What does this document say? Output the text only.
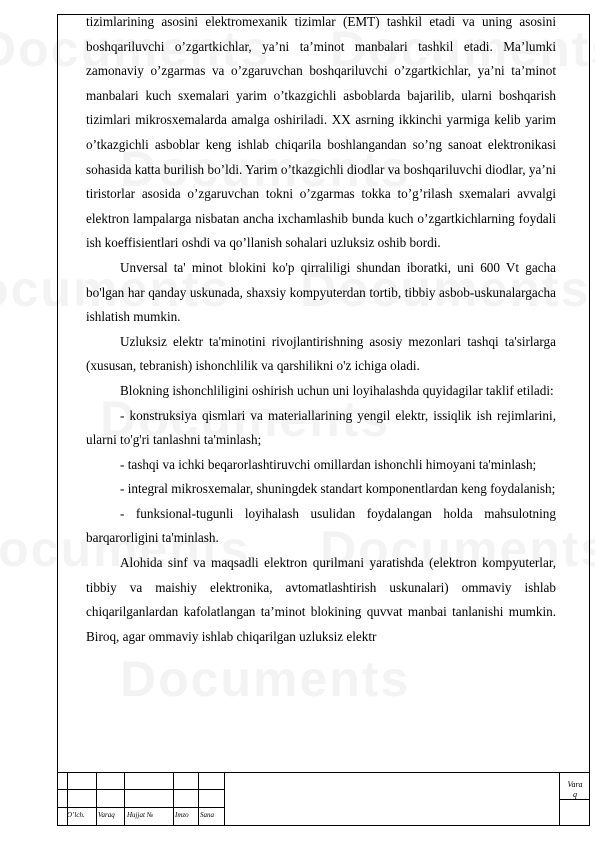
tizimlarining asosini elektromexanik tizimlar (EMT) tashkil etadi va uning asosini boshqariluvchi o’zgartkichlar, ya’ni ta’minot manbalari tashkil etadi. Ma’lumki zamonaviy o’zgarmas va o’zgaruvchan boshqariluvchi o’zgartkichlar, ya’ni ta’minot manbalari kuch sxemalari yarim o’tkazgichli asboblarda bajarilib, ularni boshqarish tizimlari mikrosxemalarda amalga oshiriladi. XX asrning ikkinchi yarmiga kelib yarim o’tkazgichli asboblar keng ishlab chiqarila boshlangandan so’ng sanoat elektronikasi sohasida katta burilish bo’ldi. Yarim o’tkazgichli diodlar va boshqariluvchi diodlar, ya’ni tiristorlar asosida o’zgaruvchan tokni o’zgarmas tokka to’g’rilash sxemalari avvalgi elektron lampalarga nisbatan ancha ixchamlashib bunda kuch o’zgartkichlarning foydali ish koeffisientlari oshdi va qo’llanish sohalari uzluksiz oshib bordi.

Unversal ta' minot blokini ko'p qirraliligi shundan iboratki, uni 600 Vt gacha bo'lgan har qanday uskunada, shaxsiy kompyuterdan tortib, tibbiy asbob-uskunalargacha ishlatish mumkin.

Uzluksiz elektr ta'minotini rivojlantirishning asosiy mezonlari tashqi ta'sirlarga (xususan, tebranish) ishonchlilik va qarshilikni o'z ichiga oladi.

Blokning ishonchliligini oshirish uchun uni loyihalashda quyidagilar taklif etiladi:

- konstruksiya qismlari va materiallarining yengil elektr, issiqlik ish rejimlarini, ularni to'g'ri tanlashni ta'minlash;

- tashqi va ichki beqarorlashtiruvchi omillardan ishonchli himoyani ta'minlash;

- integral mikrosxemalar, shuningdek standart komponentlardan keng foydalanish;

- funksional-tugunli loyihalash usulidan foydalangan holda mahsulotning barqarorligini ta'minlash.

Alohida sinf va maqsadli elektron qurilmani yaratishda (elektron kompyuterlar, tibbiy va maishiy elektronika, avtomatlashtirish uskunalari) ommaviy ishlab chiqarilganlardan kafolatlangan ta’minot blokining quvvat manbai tanlanishi mumkin. Biroq, agar ommaviy ishlab chiqarilgan uzluksiz elektr

O’lch. Varaq Hujjat №	Imzo Sana
Vara
q
